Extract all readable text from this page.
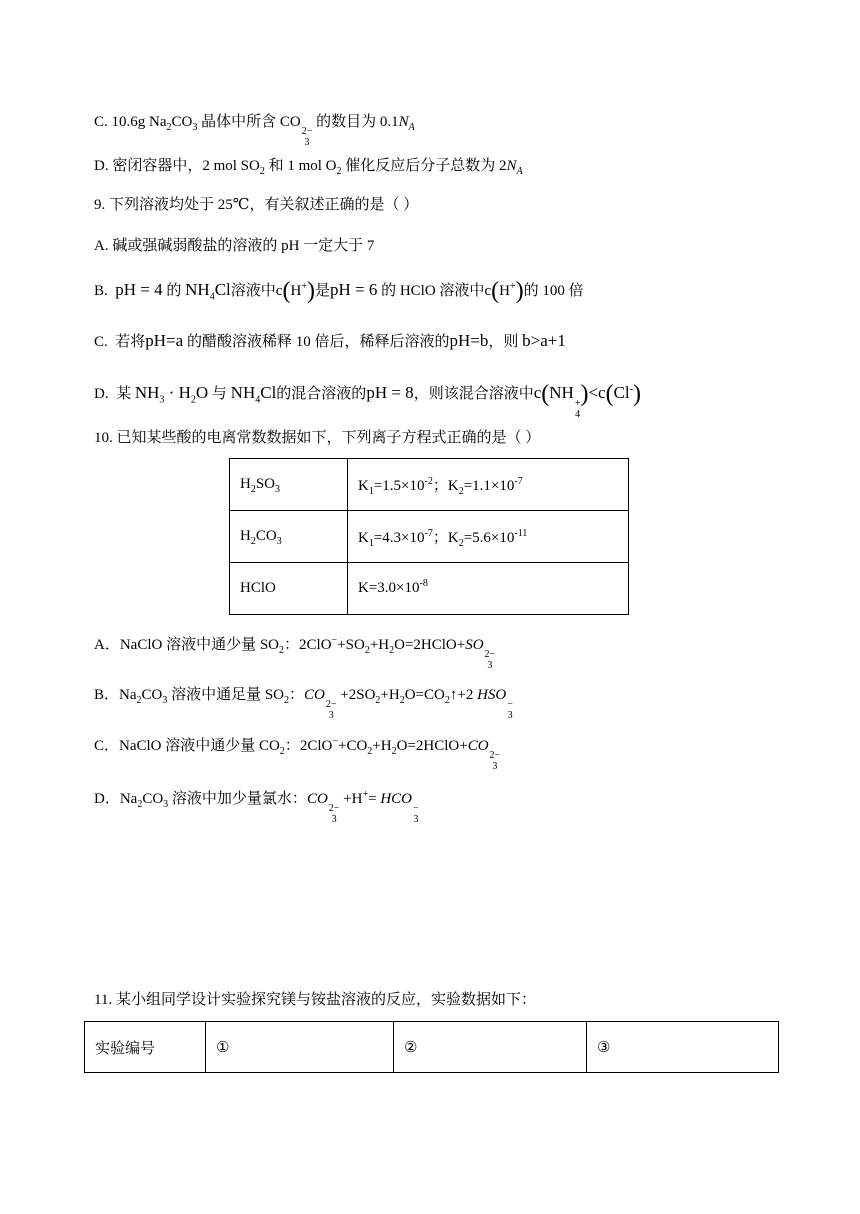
C. 10.6g $Na_2CO_3$ 晶体中所含 CO
2−
3
的数目为 $0.1N_A$
D. 密闭容器中，2 mol $SO_2$ 和 1 mol $O_2$ 催化反应后分子总数为 $2N_A$
9. 下列溶液均处于 25℃，有关叙述正确的是（ ）
A. 碱或强碱弱酸盐的溶液的 pH 一定大于 7
B. pH = 4 的 $NH_4Cl$溶液中c(H+)是pH = 6 的 HClO 溶液中c(H+)的 100 倍
C. 若将pH=a 的醋酸溶液稀释 10 倍后，稀释后溶液的pH=b，则 b>a+1
D. 某 $NH_3 \cdot H_2O$ 与 $NH_4Cl$的混合溶液的pH = 8，则该混合溶液中c(NH
+
4
)<c(Cl-)
10. 已知某些酸的电离常数数据如下，下列离子方程式正确的是（ ）
$H_2SO_3$	$K_1=1.5\times 10^{-2}$；$K_2=1.1\times 10^{-7}$
$H_2CO_3$	$K_1=4.3\times 10^{-7}$；$K_2=5.6\times 10^{-11}$
HClO	$K=3.0\times 10^{-8}$
A．NaClO 溶液中通少量 $SO_2$：$2ClO^-+SO_2+H_2O=2HClO+SO$
2−
3
B．$Na_2CO_3$ 溶液中通足量 $SO_2$：CO
2−
3
$+2SO_2+H_2O=CO_2↑+2$ HSO
−
3
C．NaClO 溶液中通少量 $CO_2$：$2ClO^-+CO_2+H_2O=2HClO+CO$
2−
3
D．$Na_2CO_3$ 溶液中加少量氯水：CO
2−
3
+H+= HCO
−
3
11. 某小组同学设计实验探究镁与铵盐溶液的反应，实验数据如下：
实验编号	①	②	③
